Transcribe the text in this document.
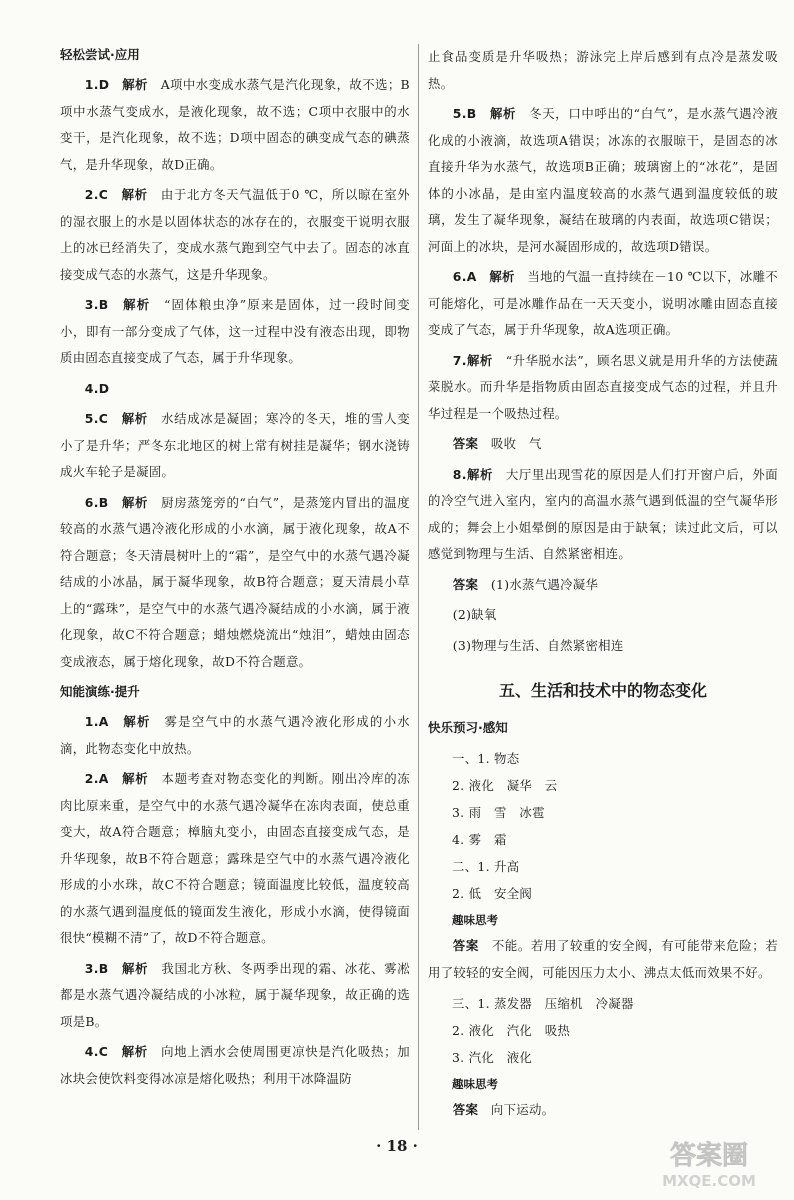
轻松尝试·应用

1.D　 解析　 A项中水变成水蒸气是汽化现象，故不选；B项中水蒸气变成水，是液化现象，故不选；C项中衣服中的水变干，是汽化现象，故不选；D项中固态的碘变成气态的碘蒸气，是升华现象，故D正确。

2.C　 解析　 由于北方冬天气温低于0 ℃，所以晾在室外的湿衣服上的水是以固体状态的冰存在的，衣服变干说明衣服上的冰已经消失了，变成水蒸气跑到空气中去了。固态的冰直接变成气态的水蒸气，这是升华现象。

3.B　 解析　 “固体粮虫净”原来是固体，过一段时间变小，即有一部分变成了气体，这一过程中没有液态出现，即物质由固态直接变成了气态，属于升华现象。

4.D

5.C　 解析　 水结成冰是凝固；寒冷的冬天，堆的雪人变小了是升华；严冬东北地区的树上常有树挂是凝华；钢水浇铸成火车轮子是凝固。

6.B　 解析　 厨房蒸笼旁的“白气”，是蒸笼内冒出的温度较高的水蒸气遇冷液化形成的小水滴，属于液化现象，故A不符合题意；冬天清晨树叶上的“霜”，是空气中的水蒸气遇冷凝结成的小冰晶，属于凝华现象，故B符合题意；夏天清晨小草上的“露珠”，是空气中的水蒸气遇冷凝结成的小水滴，属于液化现象，故C不符合题意；蜡烛燃烧流出“烛泪”，蜡烛由固态变成液态，属于熔化现象，故D不符合题意。

知能演练·提升

1.A　 解析　 雾是空气中的水蒸气遇冷液化形成的小水滴，此物态变化中放热。

2.A　 解析　 本题考查对物态变化的判断。刚出冷库的冻肉比原来重，是空气中的水蒸气遇冷凝华在冻肉表面，使总重变大，故A符合题意；樟脑丸变小，由固态直接变成气态，是升华现象，故B不符合题意；露珠是空气中的水蒸气遇冷液化形成的小水珠，故C不符合题意；镜面温度比较低，温度较高的水蒸气遇到温度低的镜面发生液化，形成小水滴，使得镜面很快“模糊不清”了，故D不符合题意。

3.B　 解析　 我国北方秋、冬两季出现的霜、冰花、雾凇都是水蒸气遇冷凝结成的小冰粒，属于凝华现象，故正确的选项是B。

4.C　 解析　 向地上洒水会使周围更凉快是汽化吸热；加冰块会使饮料变得冰凉是熔化吸热；利用干冰降温防

止食品变质是升华吸热；游泳完上岸后感到有点冷是蒸发吸热。

5.B　 解析　 冬天，口中呼出的“白气”，是水蒸气遇冷液化成的小液滴，故选项A错误；冰冻的衣服晾干，是固态的冰直接升华为水蒸气，故选项B正确；玻璃窗上的“冰花”，是固体的小冰晶，是由室内温度较高的水蒸气遇到温度较低的玻璃，发生了凝华现象，凝结在玻璃的内表面，故选项C错误；河面上的冰块，是河水凝固形成的，故选项D错误。

6.A　 解析　 当地的气温一直持续在－10 ℃以下，冰雕不可能熔化，可是冰雕作品在一天天变小，说明冰雕由固态直接变成了气态，属于升华现象，故A选项正确。

7.解析　 “升华脱水法”，顾名思义就是用升华的方法使蔬菜脱水。而升华是指物质由固态直接变成气态的过程，并且升华过程是一个吸热过程。

答案　 吸收　气

8.解析　 大厅里出现雪花的原因是人们打开窗户后，外面的冷空气进入室内，室内的高温水蒸气遇到低温的空气凝华形成的；舞会上小姐晕倒的原因是由于缺氧；读过此文后，可以感觉到物理与生活、自然紧密相连。

答案　 (1)水蒸气遇冷凝华

(2)缺氧

(3)物理与生活、自然紧密相连

五、生活和技术中的物态变化
快乐预习·感知

一、1. 物态

2. 液化　凝华　云

3. 雨　雪　冰雹

4. 雾　霜

二、1. 升高

2. 低　安全阀

趣味思考

答案　 不能。若用了较重的安全阀，有可能带来危险；若用了较轻的安全阀，可能因压力太小、沸点太低而效果不好。

三、1. 蒸发器　压缩机　冷凝器

2. 液化　汽化　吸热

3. 汽化　液化

趣味思考

答案　 向下运动。

· 18 ·	答案圈
MXQE.COM
